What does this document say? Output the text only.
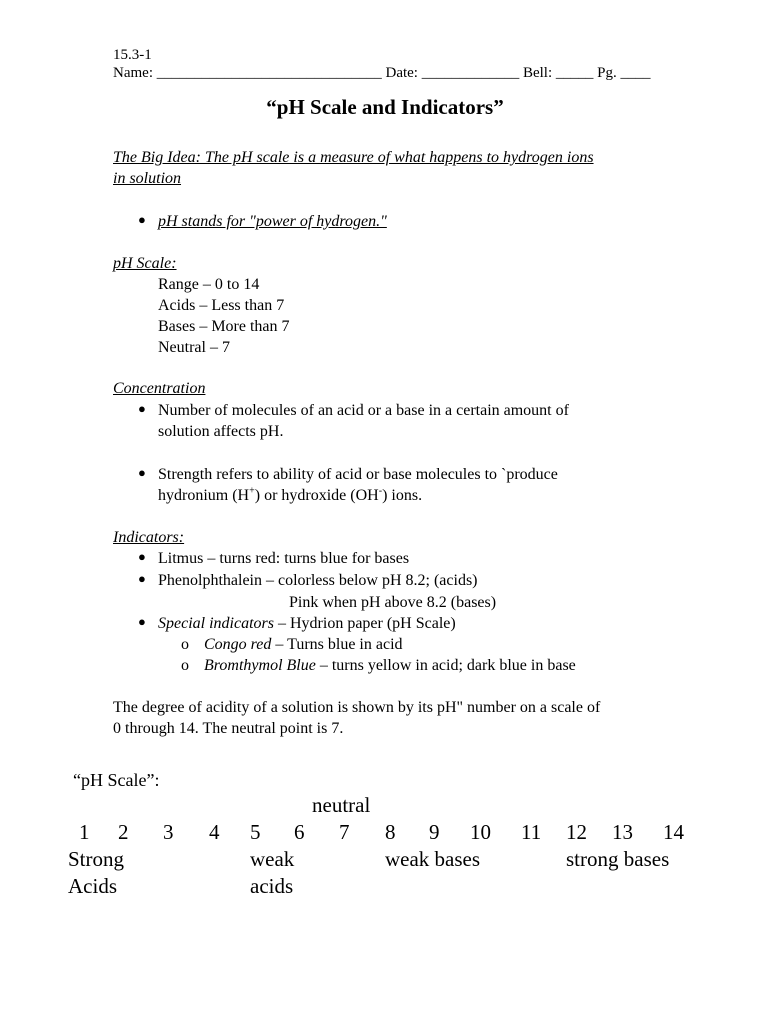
15.3-1
Name: ______________________________ Date: _____________ Bell: _____ Pg. ____
“pH Scale and Indicators”
The Big Idea: The pH scale is a measure of what happens to hydrogen ions
in solution
● pH stands for "power of hydrogen."
pH Scale:
Range – 0 to 14
Acids – Less than 7
Bases – More than 7
Neutral – 7
Concentration
● Number of molecules of an acid or a base in a certain amount of
solution affects pH.
● Strength refers to ability of acid or base molecules to `produce
hydronium (H+) or hydroxide (OH-) ions.
Indicators:
● Litmus – turns red: turns blue for bases
● Phenolphthalein – colorless below pH 8.2; (acids)
Pink when pH above 8.2 (bases)
● Special indicators – Hydrion paper (pH Scale)
o Congo red – Turns blue in acid
o Bromthymol Blue – turns yellow in acid; dark blue in base
The degree of acidity of a solution is shown by its pH" number on a scale of
0 through 14. The neutral point is 7.
“pH Scale”:
neutral
1 2 3 4 5 6 7 8 9 10 11 12 13 14
Strong
Acids
weak
acids
weak bases	strong bases
